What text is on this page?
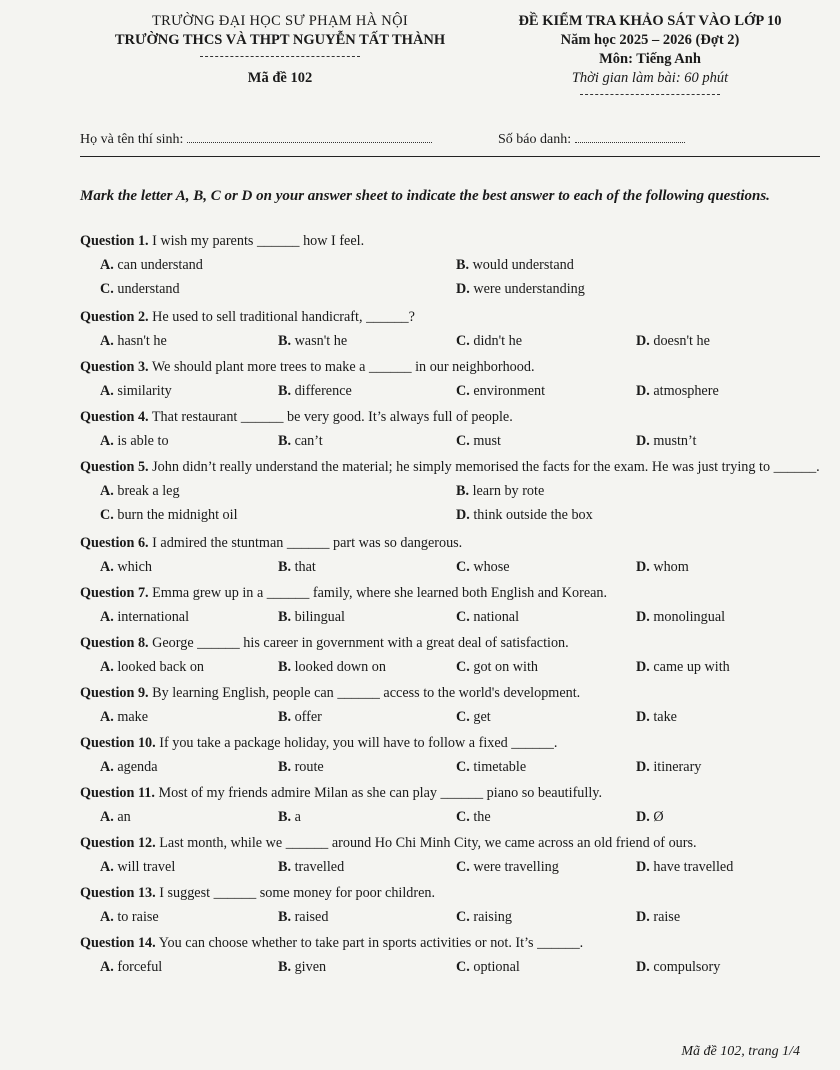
TRƯỜNG ĐẠI HỌC SƯ PHẠM HÀ NỘI
TRƯỜNG THCS VÀ THPT NGUYỄN TẤT THÀNH
Mã đề 102
ĐỀ KIỂM TRA KHẢO SÁT VÀO LỚP 10
Năm học 2025 – 2026 (Đợt 2)
Môn: Tiếng Anh
Thời gian làm bài: 60 phút
Họ và tên thí sinh:	Số báo danh:
Mark the letter A, B, C or D on your answer sheet to indicate the best answer to each of the following questions.
Question 1. I wish my parents ______ how I feel.
A. can understand	B. would understand
C. understand	D. were understanding
Question 2. He used to sell traditional handicraft, ______?
A. hasn't he	B. wasn't he	C. didn't he	D. doesn't he
Question 3. We should plant more trees to make a ______ in our neighborhood.
A. similarity	B. difference	C. environment	D. atmosphere
Question 4. That restaurant ______ be very good. It’s always full of people.
A. is able to	B. can’t	C. must	D. mustn’t
Question 5. John didn’t really understand the material; he simply memorised the facts for the exam. He was just trying to ______.
A. break a leg	B. learn by rote
C. burn the midnight oil	D. think outside the box
Question 6. I admired the stuntman ______ part was so dangerous.
A. which	B. that	C. whose	D. whom
Question 7. Emma grew up in a ______ family, where she learned both English and Korean.
A. international	B. bilingual	C. national	D. monolingual
Question 8. George ______ his career in government with a great deal of satisfaction.
A. looked back on	B. looked down on	C. got on with	D. came up with
Question 9. By learning English, people can ______ access to the world's development.
A. make	B. offer	C. get	D. take
Question 10. If you take a package holiday, you will have to follow a fixed ______.
A. agenda	B. route	C. timetable	D. itinerary
Question 11. Most of my friends admire Milan as she can play ______ piano so beautifully.
A. an	B. a	C. the	D. Ø
Question 12. Last month, while we ______ around Ho Chi Minh City, we came across an old friend of ours.
A. will travel	B. travelled	C. were travelling	D. have travelled
Question 13. I suggest ______ some money for poor children.
A. to raise	B. raised	C. raising	D. raise
Question 14. You can choose whether to take part in sports activities or not. It’s ______.
A. forceful	B. given	C. optional	D. compulsory
Mã đề 102, trang 1/4
